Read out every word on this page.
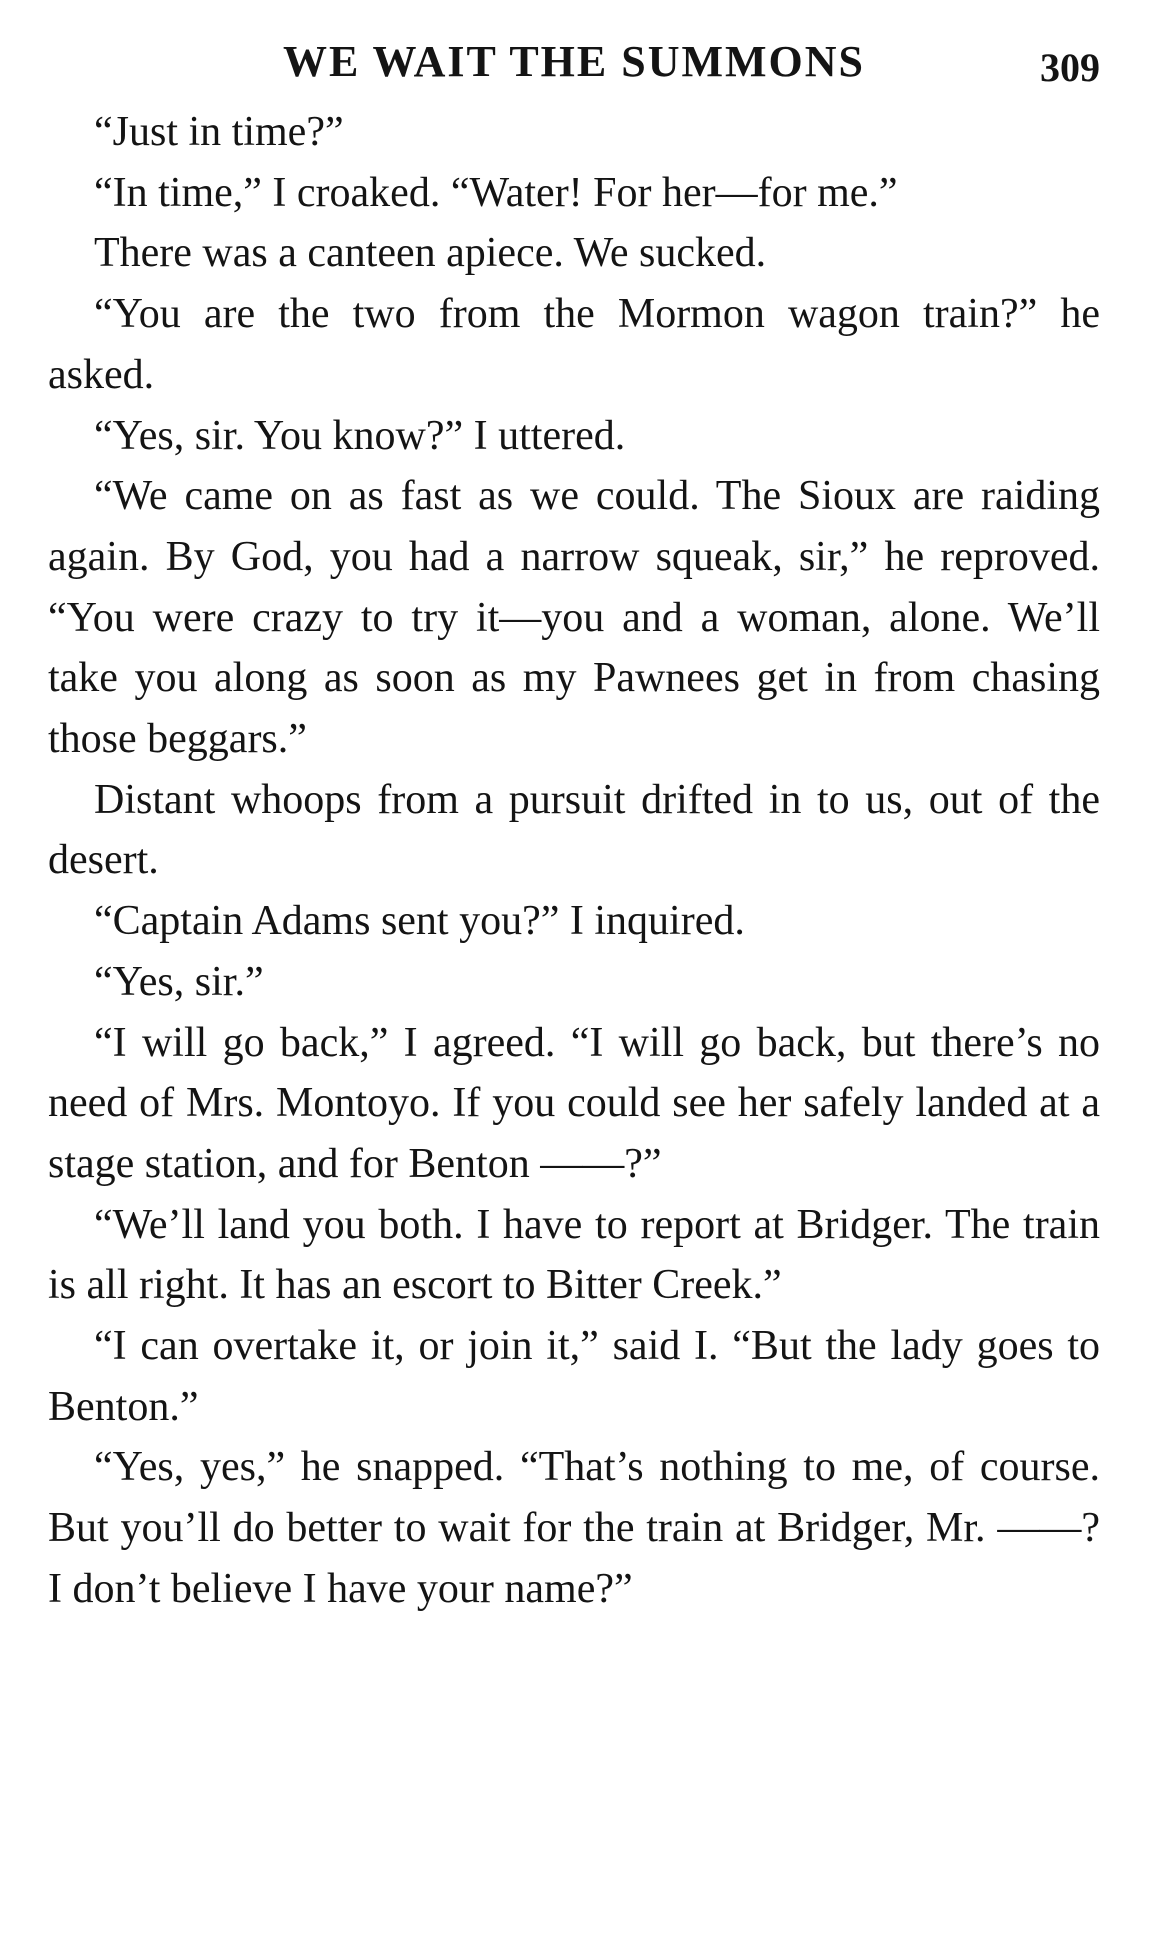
WE WAIT THE SUMMONS	309

“Just in time?”

“In time,” I croaked. “Water! For her—for me.”

There was a canteen apiece. We sucked.

“You are the two from the Mormon wagon train?” he asked.

“Yes, sir. You know?” I uttered.

“We came on as fast as we could. The Sioux are raiding again. By God, you had a narrow squeak, sir,” he reproved. “You were crazy to try it—you and a woman, alone. We’ll take you along as soon as my Pawnees get in from chasing those beggars.”

Distant whoops from a pursuit drifted in to us, out of the desert.

“Captain Adams sent you?” I inquired.

“Yes, sir.”

“I will go back,” I agreed. “I will go back, but there’s no need of Mrs. Montoyo. If you could see her safely landed at a stage station, and for Benton ——?”

“We’ll land you both. I have to report at Bridger. The train is all right. It has an escort to Bitter Creek.”

“I can overtake it, or join it,” said I. “But the lady goes to Benton.”

“Yes, yes,” he snapped. “That’s nothing to me, of course. But you’ll do better to wait for the train at Bridger, Mr. ——? I don’t believe I have your name?”
